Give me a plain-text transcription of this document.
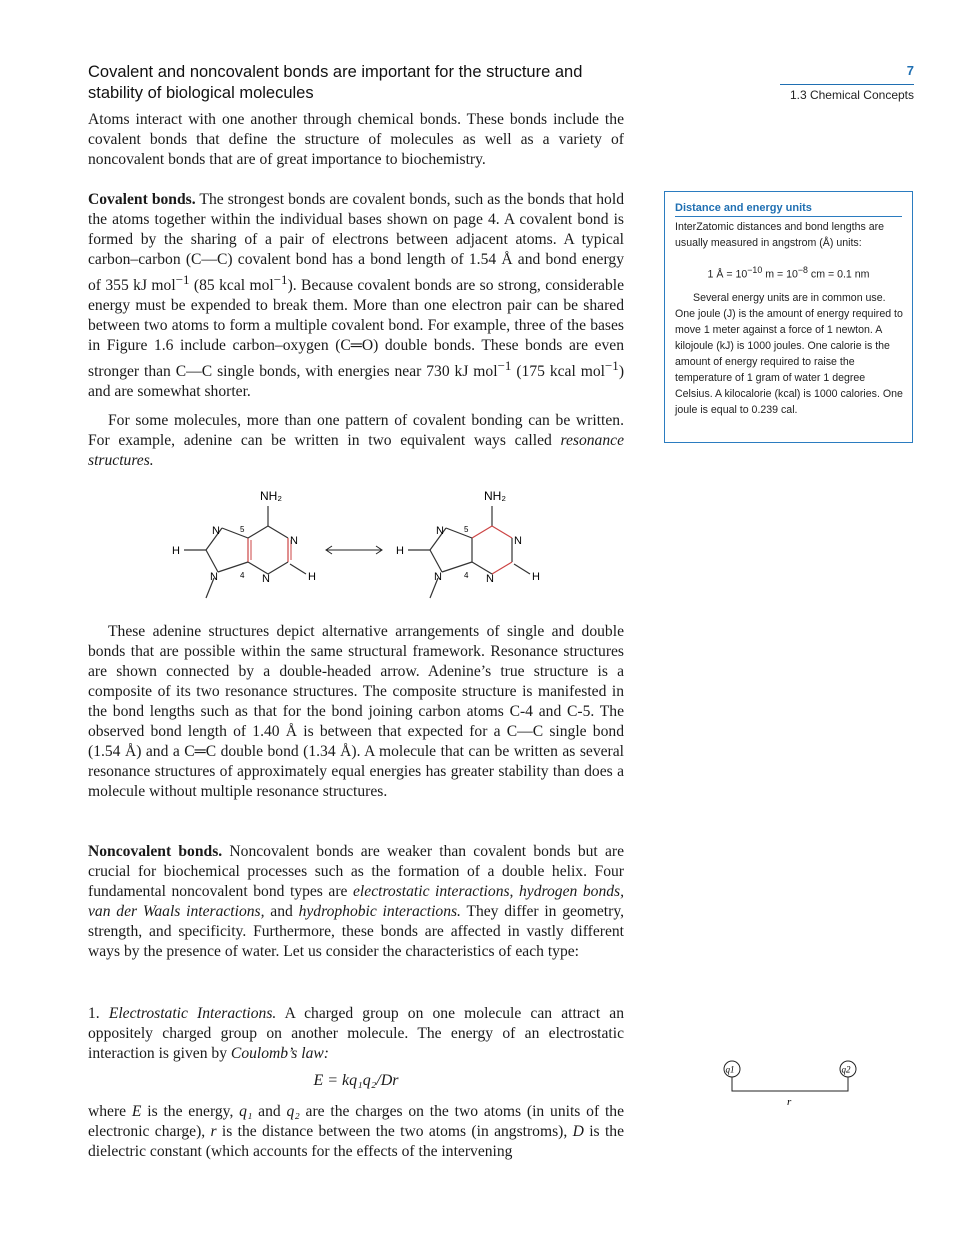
Covalent and noncovalent bonds are important for the structure and
stability of biological molecules
7
1.3 Chemical Concepts

Atoms interact with one another through chemical bonds. These bonds include the covalent bonds that define the structure of molecules as well as a variety of noncovalent bonds that are of great importance to biochemistry.

Covalent bonds. The strongest bonds are covalent bonds, such as the bonds that hold the atoms together within the individual bases shown on page 4. A covalent bond is formed by the sharing of a pair of electrons between adjacent atoms. A typical carbon–carbon (C—C) covalent bond has a bond length of 1.54 Å and bond energy of 355 kJ mol$^{-1}$ (85 kcal mol$^{-1}$). Because covalent bonds are so strong, considerable energy must be expended to break them. More than one electron pair can be shared between two atoms to form a multiple covalent bond. For example, three of the bases in Figure 1.6 include carbon–oxygen (C═O) double bonds. These bonds are even stronger than C—C single bonds, with energies near 730 kJ mol$^{-1}$ (175 kcal mol$^{-1}$) and are somewhat shorter.

For some molecules, more than one pattern of covalent bonding can be written. For example, adenine can be written in two equivalent ways called resonance structures.

Distance and energy units
InterZatomic distances and bond lengths are usually measured in angstrom (Å) units:
1 Å = $10^{-10}$ $m = 10^{-8}$ cm = 0.1 nm
Several energy units are in common use. One joule (J) is the amount of energy required to move 1 meter against a force of 1 newton. A kilojoule (kJ) is 1000 joules. One calorie is the amount of energy required to raise the temperature of 1 gram of water 1 degree Celsius. A kilocalorie (kcal) is 1000 calories. One joule is equal to 0.239 cal.
NH₂
N
N
N
N	H
H
5
4
NH₂
N
N
N
N	H
H
5
4

These adenine structures depict alternative arrangements of single and double bonds that are possible within the same structural framework. Resonance structures are shown connected by a double-headed arrow. Adenine’s true structure is a composite of its two resonance structures. The composite structure is manifested in the bond lengths such as that for the bond joining carbon atoms C-4 and C-5. The observed bond length of 1.40 Å is between that expected for a C—C single bond (1.54 Å) and a C═C double bond (1.34 Å). A molecule that can be written as several resonance structures of approximately equal energies has greater stability than does a molecule without multiple resonance structures.

Noncovalent bonds. Noncovalent bonds are weaker than covalent bonds but are crucial for biochemical processes such as the formation of a double helix. Four fundamental noncovalent bond types are electrostatic interactions, hydrogen bonds, van der Waals interactions, and hydrophobic interactions. They differ in geometry, strength, and specificity. Furthermore, these bonds are affected in vastly different ways by the presence of water. Let us consider the characteristics of each type:

1. Electrostatic Interactions. A charged group on one molecule can attract an oppositely charged group on another molecule. The energy of an electrostatic interaction is given by Coulomb’s law:

E = kq₁q₂/Dr

where E is the energy, q₁ and q₂ are the charges on the two atoms (in units of the electronic charge), r is the distance between the two atoms (in angstroms), D is the dielectric constant (which accounts for the effects of the intervening

q1	q2
r
